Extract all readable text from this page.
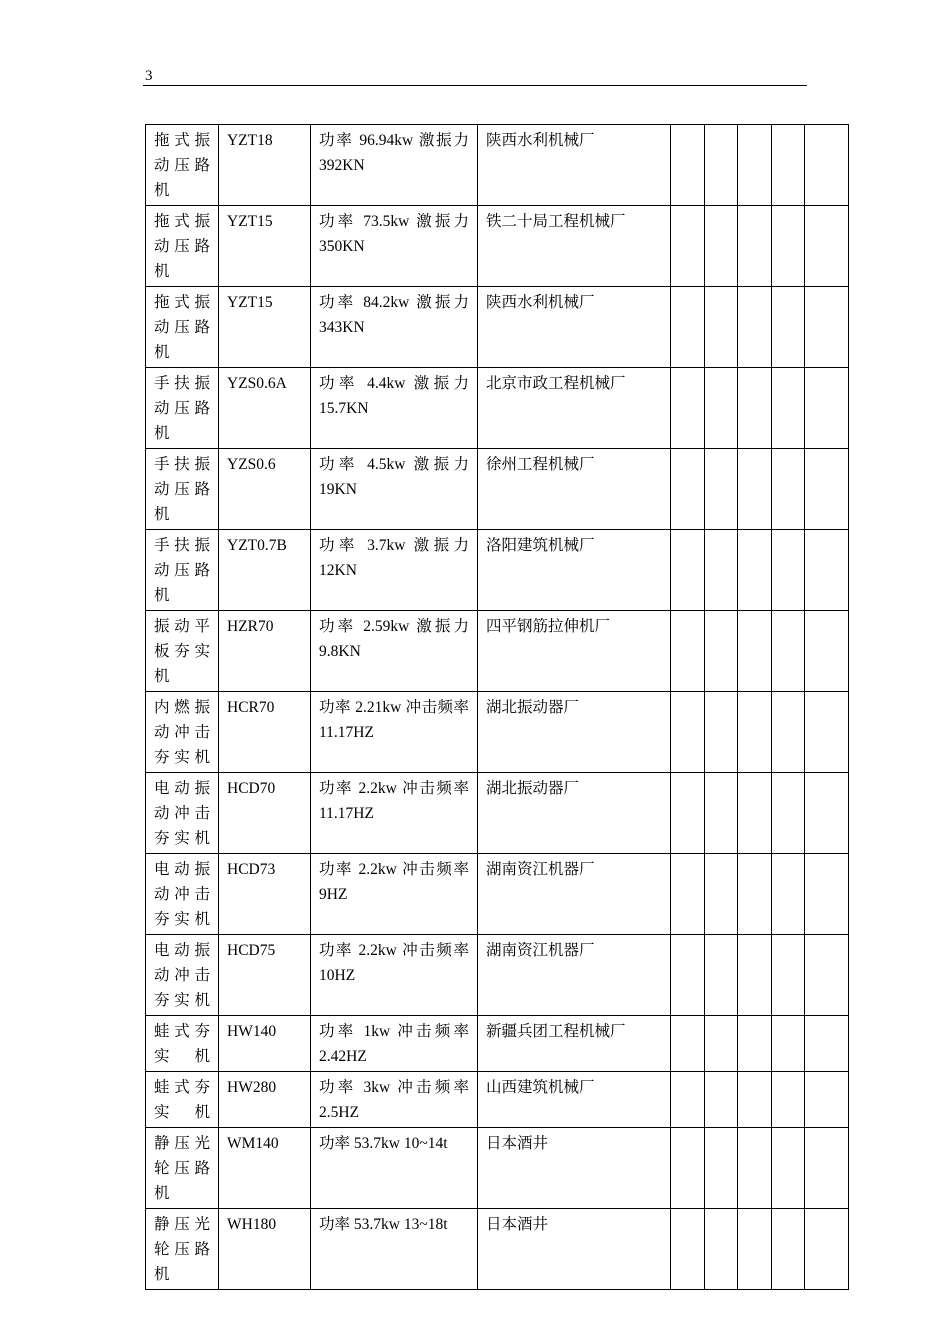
3
拖式振
动压路
机	YZT18	功率 96.94kw 激振力 392KN	陕西水利机械厂					

拖式振
动压路
机	YZT15	功率 73.5kw 激振力 350KN	铁二十局工程机械厂					

拖式振
动压路
机	YZT15	功率 84.2kw 激振力 343KN	陕西水利机械厂					

手扶振
动压路
机	YZS0.6A	功率 4.4kw 激振力 15.7KN	北京市政工程机械厂					

手扶振
动压路
机	YZS0.6	功率 4.5kw 激振力 19KN	徐州工程机械厂					

手扶振
动压路
机	YZT0.7B	功率 3.7kw 激振力 12KN	洛阳建筑机械厂					

振动平
板夯实
机	HZR70	功率 2.59kw 激振力 9.8KN	四平钢筋拉伸机厂					

内燃振
动冲击
夯实机	HCR70	功率 2.21kw 冲击频率 11.17HZ	湖北振动器厂					

电动振
动冲击
夯实机	HCD70	功率 2.2kw 冲击频率 11.17HZ	湖北振动器厂					

电动振
动冲击
夯实机	HCD73	功率 2.2kw 冲击频率 9HZ	湖南资江机器厂					

电动振
动冲击
夯实机	HCD75	功率 2.2kw 冲击频率 10HZ	湖南资江机器厂					

蛙式夯
实机	HW140	功率 1kw 冲击频率 2.42HZ	新疆兵团工程机械厂					

蛙式夯
实机	HW280	功率 3kw 冲击频率 2.5HZ	山西建筑机械厂					

静压光
轮压路
机	WM140	功率 53.7kw 10~14t	日本酒井					

静压光
轮压路
机	WH180	功率 53.7kw 13~18t	日本酒井					
